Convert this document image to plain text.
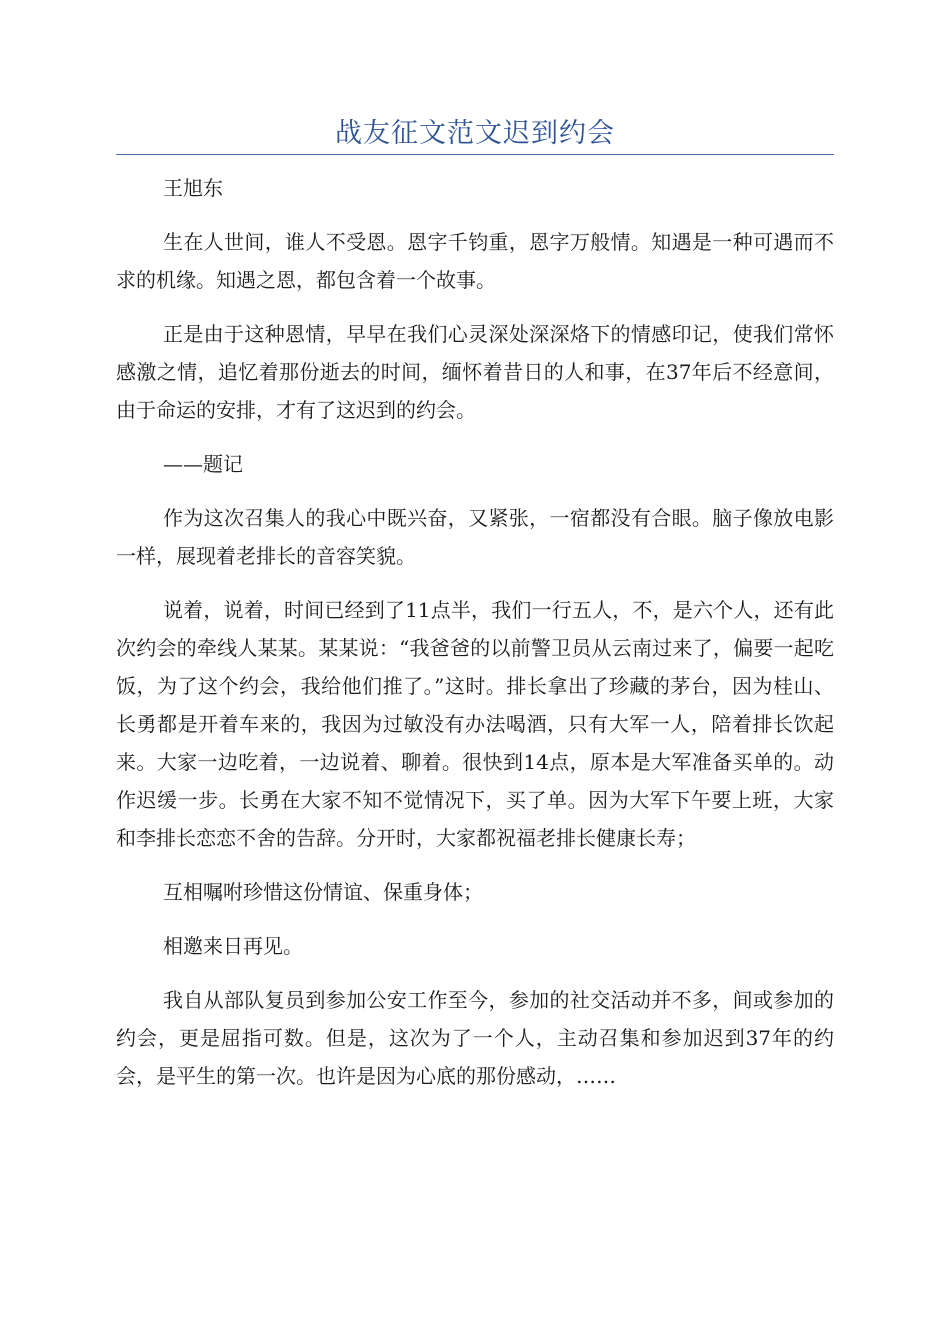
战友征文范文迟到约会

王旭东

生在人世间，谁人不受恩。恩字千钧重，恩字万般情。知遇是一种可遇而不求的机缘。知遇之恩，都包含着一个故事。

正是由于这种恩情，早早在我们心灵深处深深烙下的情感印记，使我们常怀感激之情，追忆着那份逝去的时间，缅怀着昔日的人和事，在37年后不经意间，由于命运的安排，才有了这迟到的约会。

——题记

作为这次召集人的我心中既兴奋，又紧张，一宿都没有合眼。脑子像放电影一样，展现着老排长的音容笑貌。

说着，说着，时间已经到了11点半，我们一行五人，不，是六个人，还有此次约会的牵线人某某。某某说：“我爸爸的以前警卫员从云南过来了，偏要一起吃饭，为了这个约会，我给他们推了。”这时。排长拿出了珍藏的茅台，因为桂山、长勇都是开着车来的，我因为过敏没有办法喝酒，只有大军一人，陪着排长饮起来。大家一边吃着，一边说着、聊着。很快到14点，原本是大军准备买单的。动作迟缓一步。长勇在大家不知不觉情况下，买了单。因为大军下午要上班，大家和李排长恋恋不舍的告辞。分开时，大家都祝福老排长健康长寿；

互相嘱咐珍惜这份情谊、保重身体；

相邀来日再见。

我自从部队复员到参加公安工作至今，参加的社交活动并不多，间或参加的约会，更是屈指可数。但是，这次为了一个人，主动召集和参加迟到37年的约会，是平生的第一次。也许是因为心底的那份感动，……
